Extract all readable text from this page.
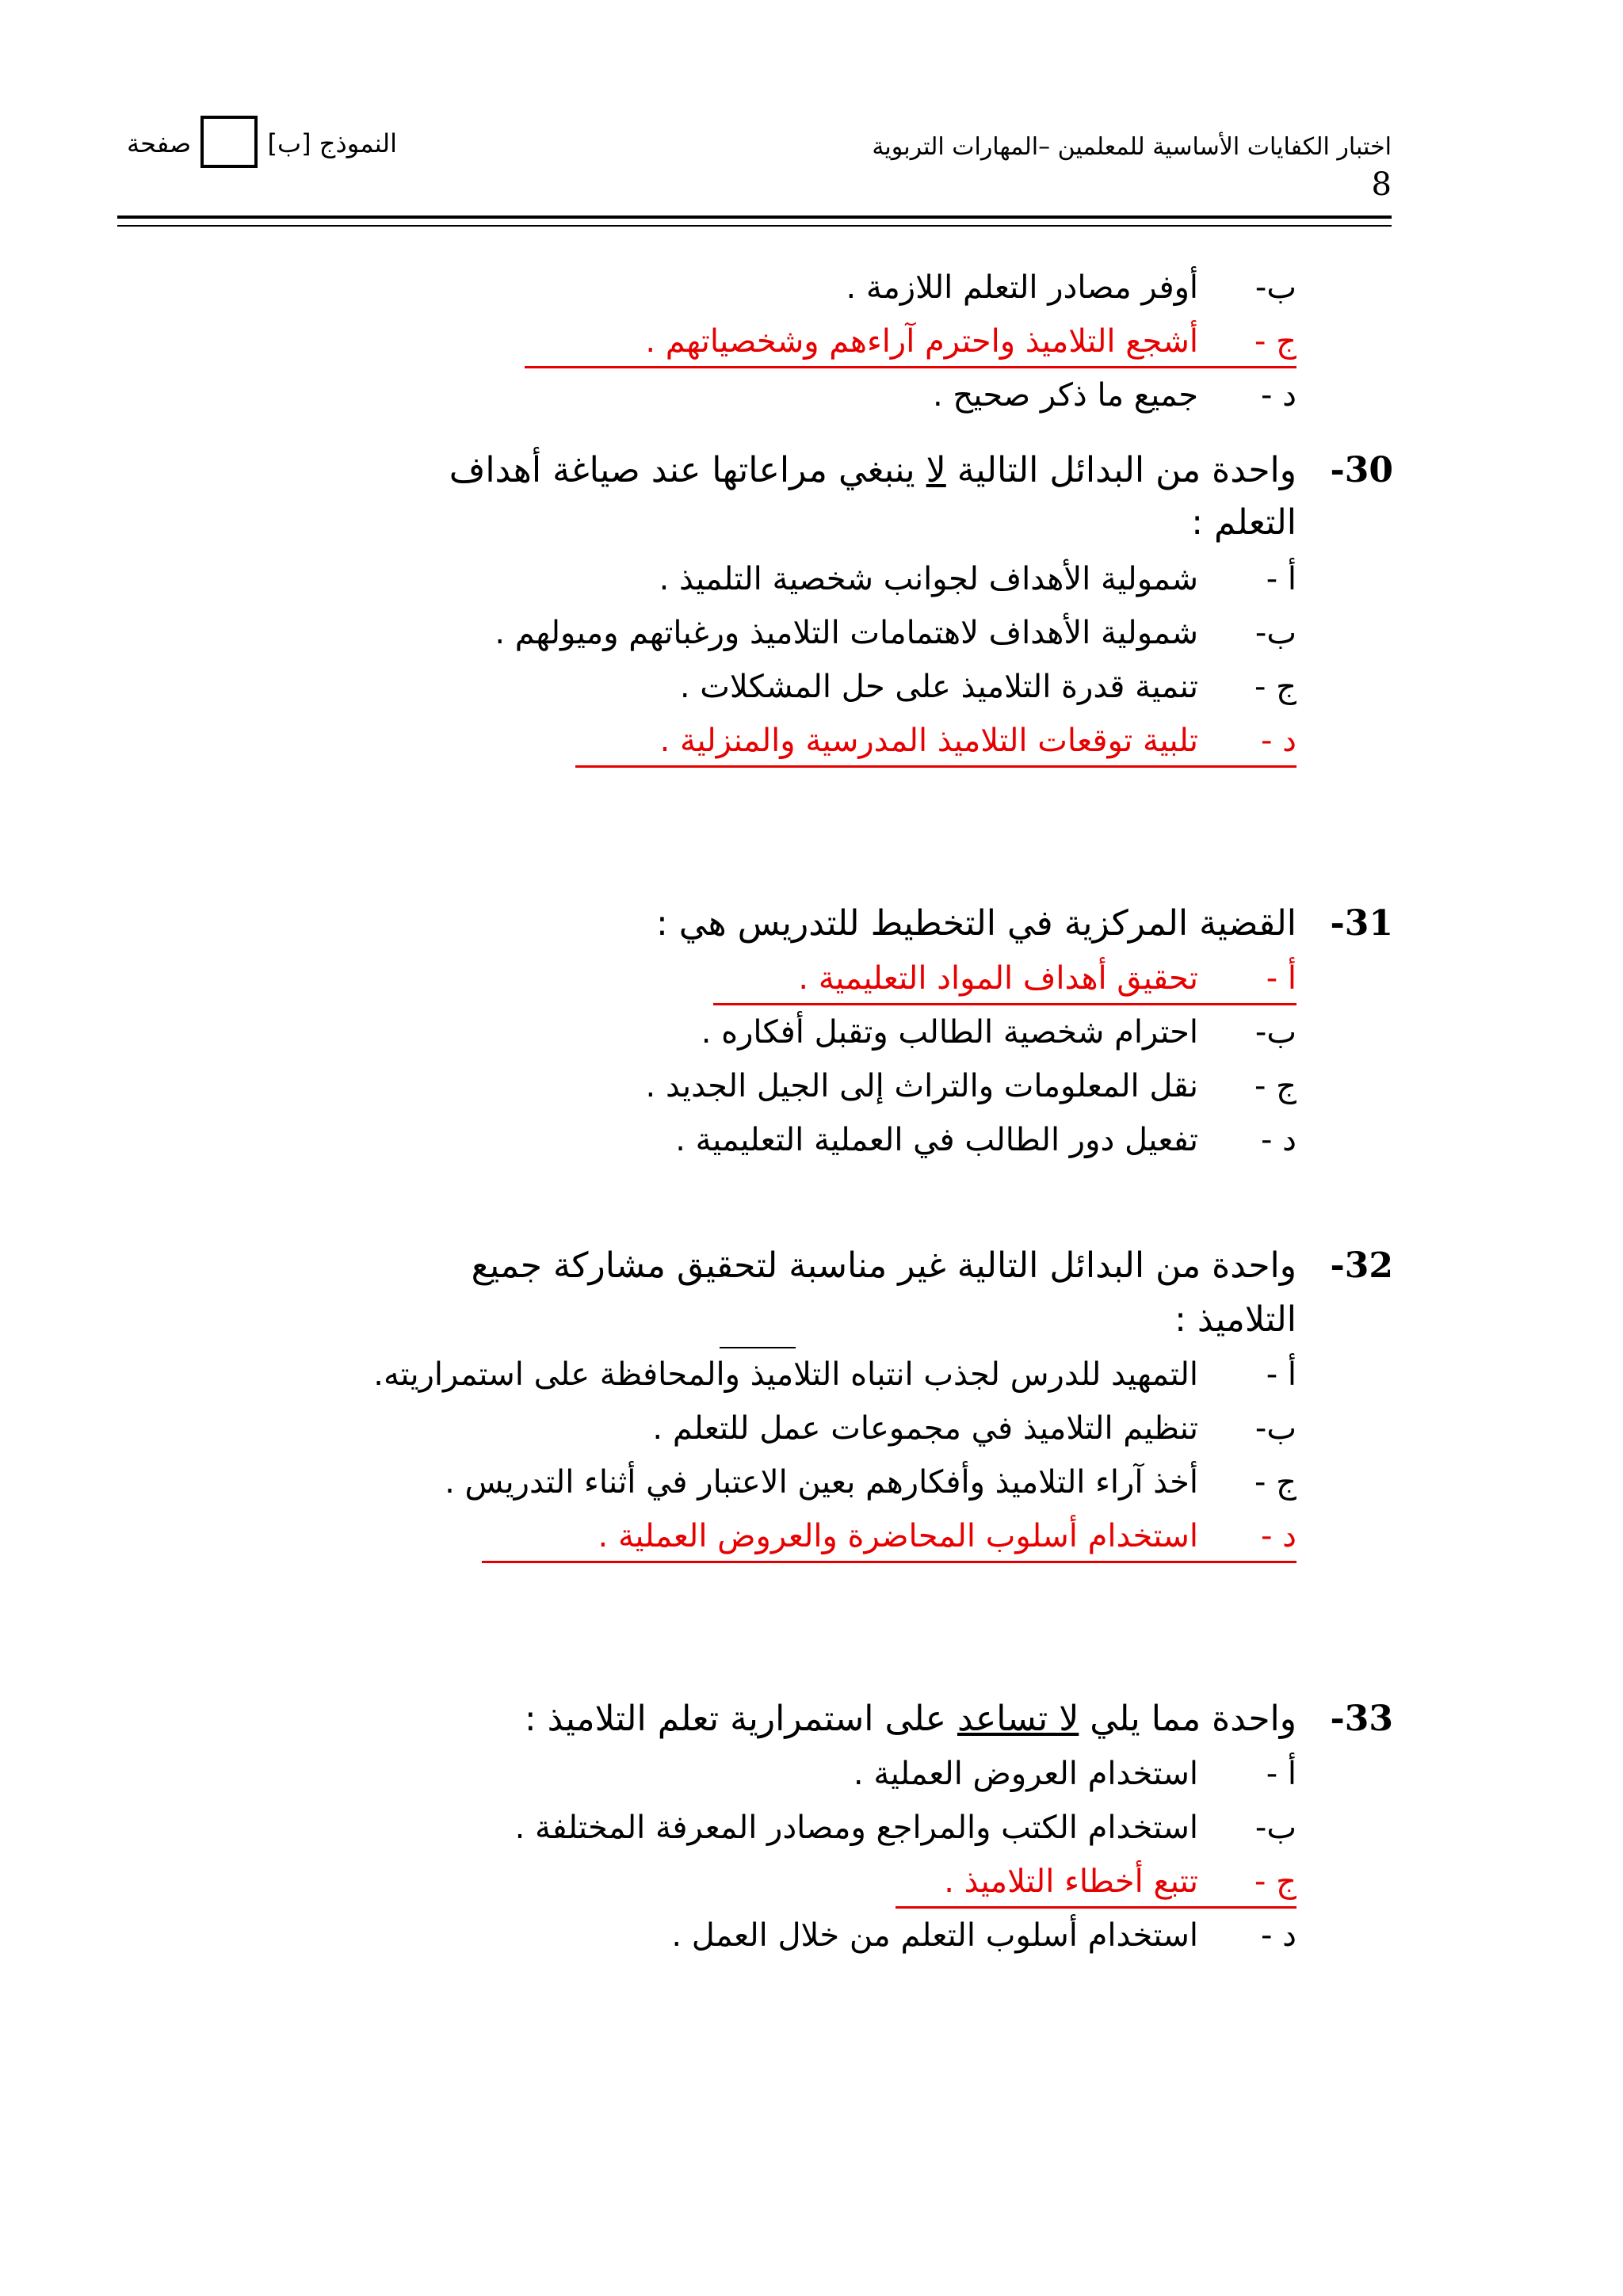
النموذج [ب]  صفحة	اختبار الكفايات الأساسية للمعلمين –المهارات التربوية
8
ب-
أوفر مصادر التعلم اللازمة .
ج -
أشجع التلاميذ واحترم آراءهم وشخصياتهم .
د -
جميع ما ذكر صحيح .
-30
واحدة من البدائل التالية لا ينبغي مراعاتها عند صياغة أهداف
التعلم :
أ -
شمولية الأهداف لجوانب شخصية التلميذ .
ب-
شمولية الأهداف لاهتمامات التلاميذ ورغباتهم وميولهم .
ج -
تنمية قدرة التلاميذ على حل المشكلات .
د -
تلبية توقعات التلاميذ المدرسية والمنزلية .
-31
القضية المركزية في التخطيط للتدريس هي :
أ -
تحقيق أهداف المواد التعليمية .
ب-
احترام شخصية الطالب وتقبل أفكاره .
ج -
نقل المعلومات والتراث إلى الجيل الجديد .
د -
تفعيل دور الطالب في العملية التعليمية .
-32
واحدة من البدائل التالية غير مناسبة لتحقيق مشاركة جميع
التلاميذ :
أ -
التمهيد للدرس لجذب انتباه التلاميذ والمحافظة على استمراريته.
ب-
تنظيم التلاميذ في مجموعات عمل للتعلم .
ج -
أخذ آراء التلاميذ وأفكارهم بعين الاعتبار في أثناء التدريس .
د -
استخدام أسلوب المحاضرة والعروض العملية .
-33
واحدة مما يلي لا تساعد على استمرارية تعلم التلاميذ :
أ -
استخدام العروض العملية .
ب-
استخدام الكتب والمراجع ومصادر المعرفة المختلفة .
ج -
تتبع أخطاء التلاميذ .
د -
استخدام أسلوب التعلم من خلال العمل .
